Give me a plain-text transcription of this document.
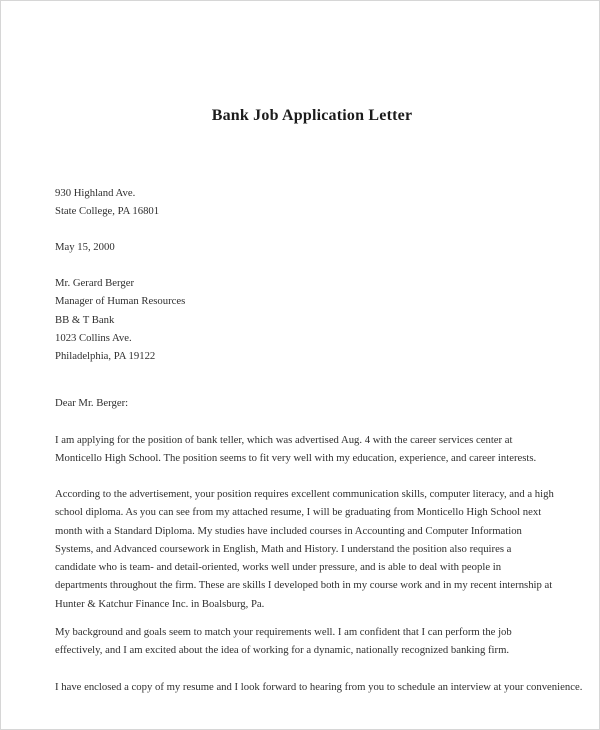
Bank Job Application Letter
930 Highland Ave.
State College, PA 16801
May 15, 2000
Mr. Gerard Berger
Manager of Human Resources
BB & T Bank
1023 Collins Ave.
Philadelphia, PA 19122
Dear Mr. Berger:
I am applying for the position of bank teller, which was advertised Aug. 4 with the career services center at
Monticello High School. The position seems to fit very well with my education, experience, and career interests.
According to the advertisement, your position requires excellent communication skills, computer literacy, and a high
school diploma. As you can see from my attached resume, I will be graduating from Monticello High School next
month with a Standard Diploma. My studies have included courses in Accounting and Computer Information
Systems, and Advanced coursework in English, Math and History. I understand the position also requires a
candidate who is team- and detail-oriented, works well under pressure, and is able to deal with people in
departments throughout the firm. These are skills I developed both in my course work and in my recent internship at
Hunter & Katchur Finance Inc. in Boalsburg, Pa.
My background and goals seem to match your requirements well. I am confident that I can perform the job
effectively, and I am excited about the idea of working for a dynamic, nationally recognized banking firm.
I have enclosed a copy of my resume and I look forward to hearing from you to schedule an interview at your convenience.
